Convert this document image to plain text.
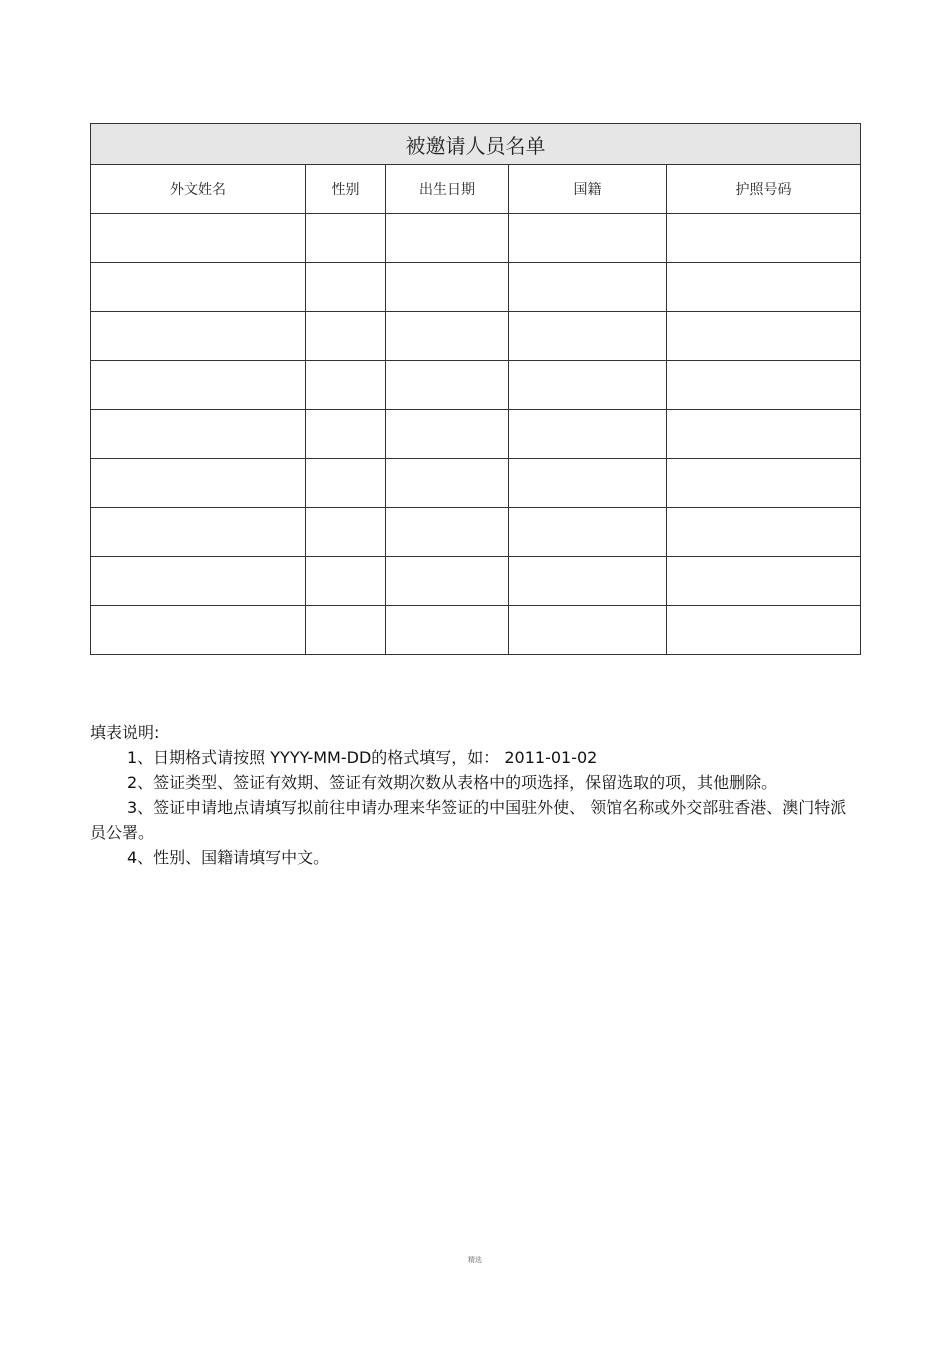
被邀请人员名单				
外文姓名	性别	出生日期	国籍	护照号码

填表说明:

1、日期格式请按照 YYYY-MM-DD的格式填写，如： 2011-01-02

2、签证类型、签证有效期、签证有效期次数从表格中的项选择，保留选取的项，其他删除。

3、签证申请地点请填写拟前往申请办理来华签证的中国驻外使、 领馆名称或外交部驻香港、澳门特派员公署。

4、性别、国籍请填写中文。

精选
